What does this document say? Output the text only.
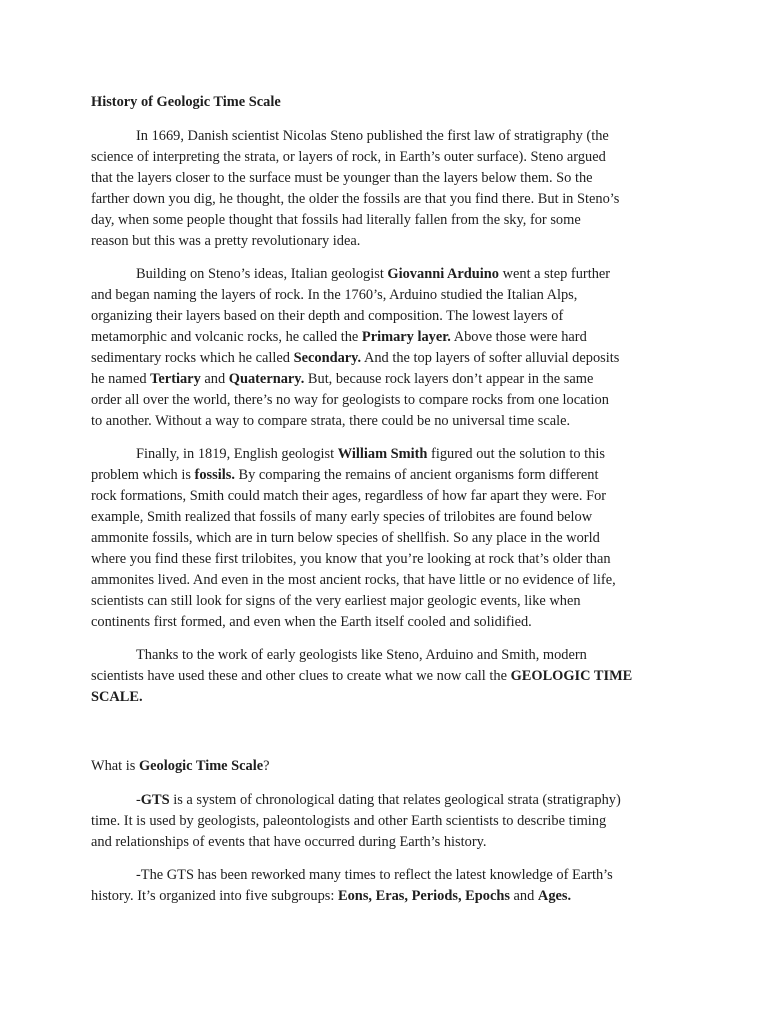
History of Geologic Time Scale
In 1669, Danish scientist Nicolas Steno published the first law of stratigraphy (the
science of interpreting the strata, or layers of rock, in Earth’s outer surface). Steno argued
that the layers closer to the surface must be younger than the layers below them. So the
farther down you dig, he thought, the older the fossils are that you find there. But in Steno’s
day, when some people thought that fossils had literally fallen from the sky, for some
reason but this was a pretty revolutionary idea.
Building on Steno’s ideas, Italian geologist Giovanni Arduino went a step further
and began naming the layers of rock. In the 1760’s, Arduino studied the Italian Alps,
organizing their layers based on their depth and composition. The lowest layers of
metamorphic and volcanic rocks, he called the Primary layer. Above those were hard
sedimentary rocks which he called Secondary. And the top layers of softer alluvial deposits
he named Tertiary and Quaternary. But, because rock layers don’t appear in the same
order all over the world, there’s no way for geologists to compare rocks from one location
to another. Without a way to compare strata, there could be no universal time scale.
Finally, in 1819, English geologist William Smith figured out the solution to this
problem which is fossils. By comparing the remains of ancient organisms form different
rock formations, Smith could match their ages, regardless of how far apart they were. For
example, Smith realized that fossils of many early species of trilobites are found below
ammonite fossils, which are in turn below species of shellfish. So any place in the world
where you find these first trilobites, you know that you’re looking at rock that’s older than
ammonites lived. And even in the most ancient rocks, that have little or no evidence of life,
scientists can still look for signs of the very earliest major geologic events, like when
continents first formed, and even when the Earth itself cooled and solidified.
Thanks to the work of early geologists like Steno, Arduino and Smith, modern
scientists have used these and other clues to create what we now call the GEOLOGIC TIME
SCALE.
What is Geologic Time Scale?
-GTS is a system of chronological dating that relates geological strata (stratigraphy)
time. It is used by geologists, paleontologists and other Earth scientists to describe timing
and relationships of events that have occurred during Earth’s history.
-The GTS has been reworked many times to reflect the latest knowledge of Earth’s
history. It’s organized into five subgroups: Eons, Eras, Periods, Epochs and Ages.
